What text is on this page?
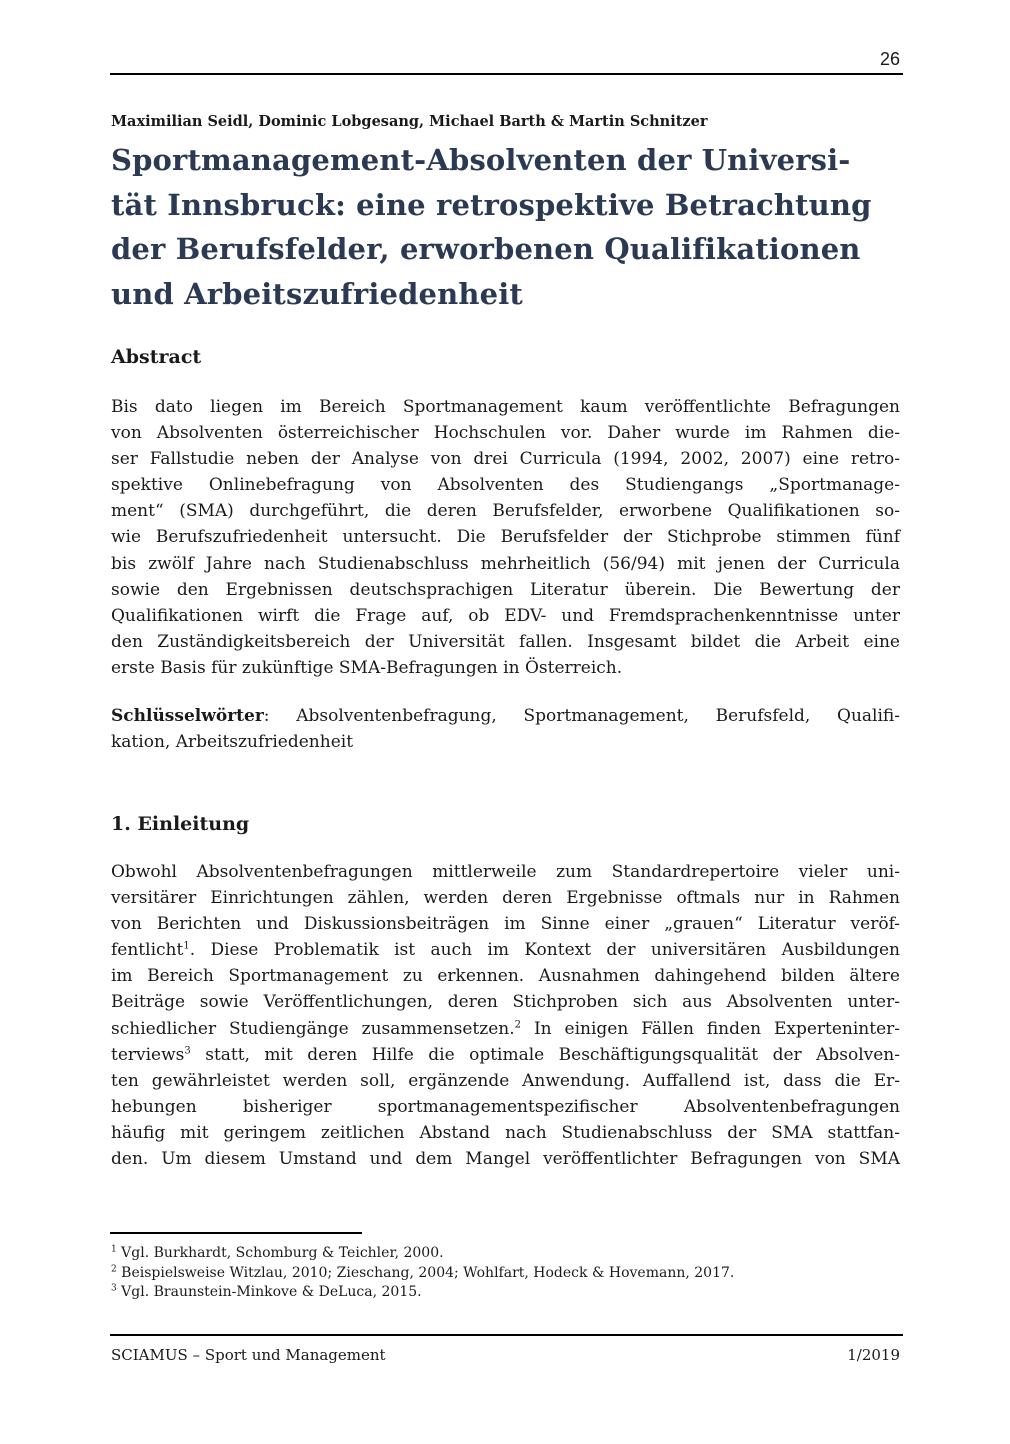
26
Maximilian Seidl, Dominic Lobgesang, Michael Barth & Martin Schnitzer
Sportmanagement-Absolventen der Universi-
tät Innsbruck: eine retrospektive Betrachtung
der Berufsfelder, erworbenen Qualifikationen
und Arbeitszufriedenheit
Abstract
Bis dato liegen im Bereich Sportmanagement kaum veröffentlichte Befragungen
von Absolventen österreichischer Hochschulen vor. Daher wurde im Rahmen die-
ser Fallstudie neben der Analyse von drei Curricula (1994, 2002, 2007) eine retro-
spektive Onlinebefragung von Absolventen des Studiengangs „Sportmanage-
ment“ (SMA) durchgeführt, die deren Berufsfelder, erworbene Qualifikationen so-
wie Berufszufriedenheit untersucht. Die Berufsfelder der Stichprobe stimmen fünf
bis zwölf Jahre nach Studienabschluss mehrheitlich (56/94) mit jenen der Curricula
sowie den Ergebnissen deutschsprachigen Literatur überein. Die Bewertung der
Qualifikationen wirft die Frage auf, ob EDV- und Fremdsprachenkenntnisse unter
den Zuständigkeitsbereich der Universität fallen. Insgesamt bildet die Arbeit eine
erste Basis für zukünftige SMA-Befragungen in Österreich.
Schlüsselwörter: Absolventenbefragung, Sportmanagement, Berufsfeld, Qualifi-
kation, Arbeitszufriedenheit
1. Einleitung
Obwohl Absolventenbefragungen mittlerweile zum Standardrepertoire vieler uni-
versitärer Einrichtungen zählen, werden deren Ergebnisse oftmals nur in Rahmen
von Berichten und Diskussionsbeiträgen im Sinne einer „grauen“ Literatur veröf-
fentlicht$^1$. Diese Problematik ist auch im Kontext der universitären Ausbildungen
im Bereich Sportmanagement zu erkennen. Ausnahmen dahingehend bilden ältere
Beiträge sowie Veröffentlichungen, deren Stichproben sich aus Absolventen unter-
schiedlicher Studiengänge zusammensetzen.$^2$ In einigen Fällen finden Experteninter-
terviews$^3$ statt, mit deren Hilfe die optimale Beschäftigungsqualität der Absolven-
ten gewährleistet werden soll, ergänzende Anwendung. Auffallend ist, dass die Er-
hebungen bisheriger sportmanagementspezifischer Absolventenbefragungen
häufig mit geringem zeitlichen Abstand nach Studienabschluss der SMA stattfan-
den. Um diesem Umstand und dem Mangel veröffentlichter Befragungen von SMA
$^1$ Vgl. Burkhardt, Schomburg & Teichler, 2000.
$^2$ Beispielsweise Witzlau, 2010; Zieschang, 2004; Wohlfart, Hodeck & Hovemann, 2017.
$^3$ Vgl. Braunstein-Minkove & DeLuca, 2015.
SCIAMUS – Sport und Management	1/2019
